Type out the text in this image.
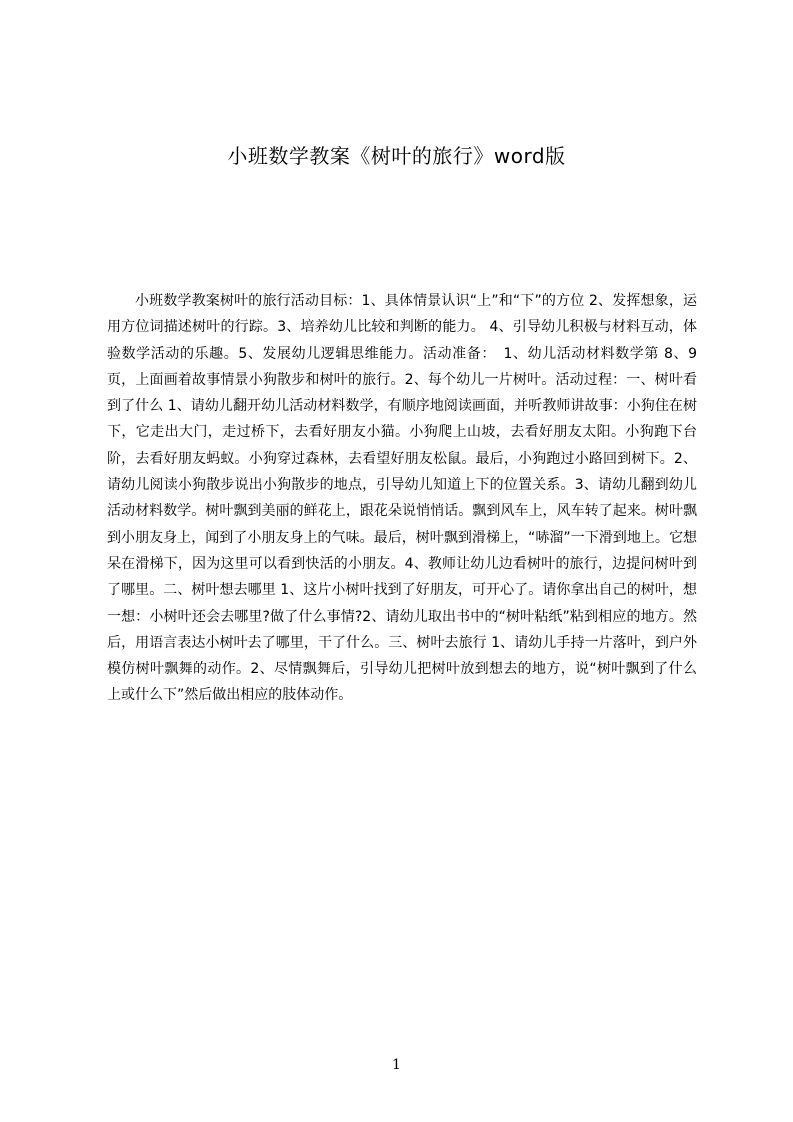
小班数学教案《树叶的旅行》word版

小班数学教案树叶的旅行活动目标：1、具体情景认识“上”和“下”的方位 2、发挥想象，运用方位词描述树叶的行踪。3、培养幼儿比较和判断的能力。 4、引导幼儿积极与材料互动，体验数学活动的乐趣。5、发展幼儿逻辑思维能力。活动准备：　1、幼儿活动材料数学第 8、9 页，上面画着故事情景小狗散步和树叶的旅行。2、每个幼儿一片树叶。活动过程：一、树叶看到了什么 1、请幼儿翻开幼儿活动材料数学，有顺序地阅读画面，并听教师讲故事：小狗住在树下，它走出大门，走过桥下，去看好朋友小猫。小狗爬上山坡，去看好朋友太阳。小狗跑下台阶，去看好朋友蚂蚁。小狗穿过森林，去看望好朋友松鼠。最后，小狗跑过小路回到树下。2、请幼儿阅读小狗散步说出小狗散步的地点，引导幼儿知道上下的位置关系。3、请幼儿翻到幼儿活动材料数学。树叶飘到美丽的鲜花上，跟花朵说悄悄话。飘到风车上，风车转了起来。树叶飘到小朋友身上，闻到了小朋友身上的气味。最后，树叶飘到滑梯上，“哧溜”一下滑到地上。它想呆在滑梯下，因为这里可以看到快活的小朋友。4、教师让幼儿边看树叶的旅行，边提问树叶到了哪里。二、树叶想去哪里 1、这片小树叶找到了好朋友，可开心了。请你拿出自己的树叶，想一想：小树叶还会去哪里?做了什么事情?2、请幼儿取出书中的“树叶粘纸”粘到相应的地方。然后，用语言表达小树叶去了哪里，干了什么。三、树叶去旅行 1、请幼儿手持一片落叶，到户外模仿树叶飘舞的动作。2、尽情飘舞后，引导幼儿把树叶放到想去的地方，说“树叶飘到了什么上或什么下”然后做出相应的肢体动作。

1
